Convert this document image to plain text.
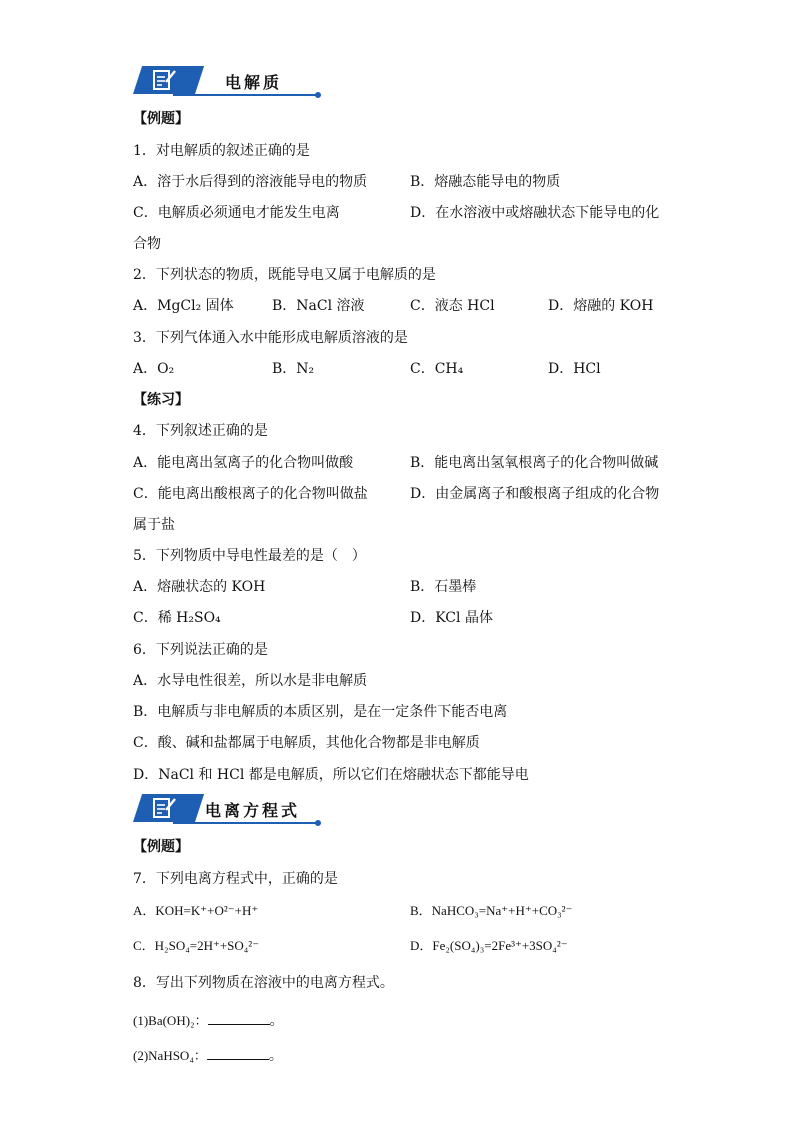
电解质
【例题】
1．对电解质的叙述正确的是
A．溶于水后得到的溶液能导电的物质	B．熔融态能导电的物质
C．电解质必须通电才能发生电离	D．在水溶液中或熔融状态下能导电的化
合物
2．下列状态的物质，既能导电又属于电解质的是
A．MgCl₂ 固体	B．NaCl 溶液	C．液态 HCl	D．熔融的 KOH
3．下列气体通入水中能形成电解质溶液的是
A．O₂	B．N₂	C．CH₄	D．HCl
【练习】
4．下列叙述正确的是
A．能电离出氢离子的化合物叫做酸	B．能电离出氢氧根离子的化合物叫做碱
C．能电离出酸根离子的化合物叫做盐	D．由金属离子和酸根离子组成的化合物
属于盐
5．下列物质中导电性最差的是（　）
A．熔融状态的 KOH	B．石墨棒
C．稀 H₂SO₄	D．KCl 晶体
6．下列说法正确的是
A．水导电性很差，所以水是非电解质
B．电解质与非电解质的本质区别，是在一定条件下能否电离
C．酸、碱和盐都属于电解质，其他化合物都是非电解质
D．NaCl 和 HCl 都是电解质，所以它们在熔融状态下都能导电
电离方程式
【例题】
7．下列电离方程式中，正确的是
A．KOH=K⁺+O²⁻+H⁺	B．NaHCO₃=Na⁺+H⁺+CO₃²⁻
C．H₂SO₄=2H⁺+SO₄²⁻	D．Fe₂(SO₄)₃=2Fe³⁺+3SO₄²⁻
8．写出下列物质在溶液中的电离方程式。
(1)Ba(OH)₂：	。
(2)NaHSO₄：	。
